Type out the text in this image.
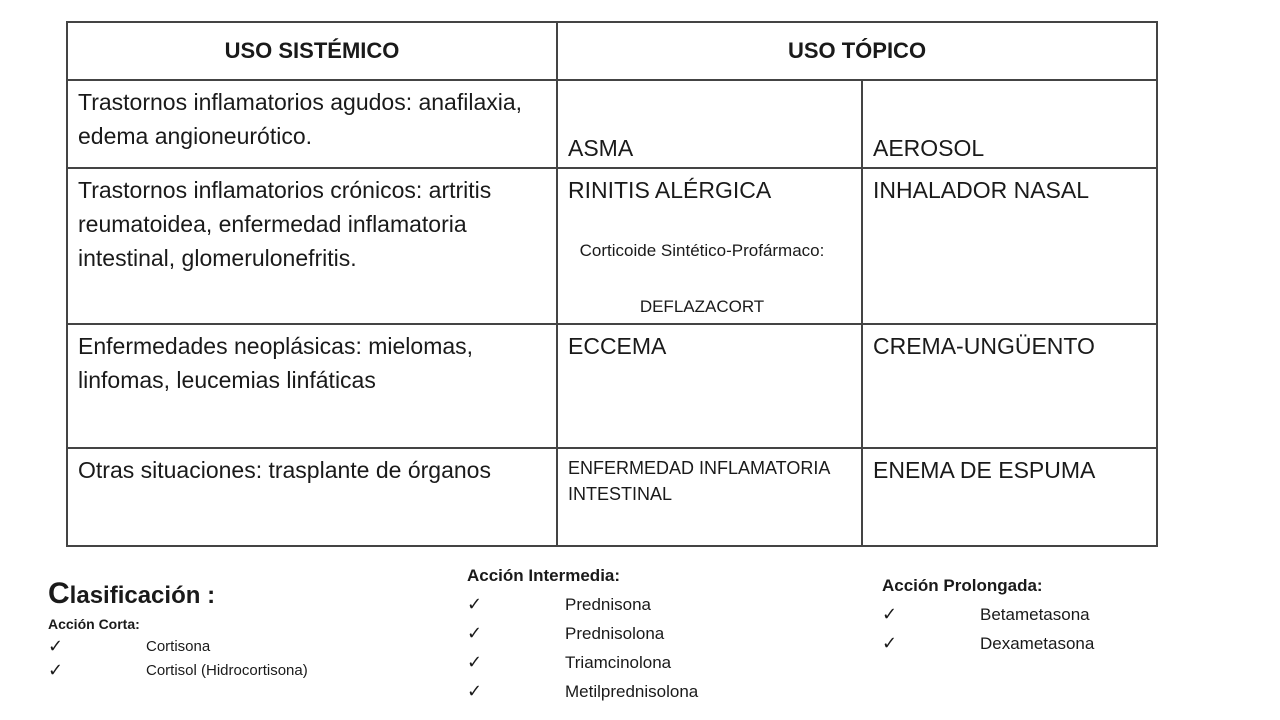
USO SISTÉMICO	USO TÓPICO	
Trastornos inflamatorios agudos: anafilaxia, edema angioneurótico.	ASMA	AEROSOL
Trastornos inflamatorios crónicos: artritis reumatoidea, enfermedad inflamatoria intestinal, glomerulonefritis.	RINITIS ALÉRGICA	INHALADOR NASAL
Enfermedades neoplásicas: mielomas, linfomas, leucemias linfáticas	ECCEMA	CREMA-UNGÜENTO
Otras situaciones: trasplante de órganos	ENFERMEDAD INFLAMATORIA INTESTINAL	ENEMA DE ESPUMA
Corticoide Sintético-Profármaco:
DEFLAZACORT
Clasificación :
Acción Corta:
✓	Cortisona
✓	Cortisol (Hidrocortisona)
Acción Intermedia:
✓	Prednisona
✓	Prednisolona
✓	Triamcinolona
✓	Metilprednisolona
Acción Prolongada:
✓	Betametasona
✓	Dexametasona
